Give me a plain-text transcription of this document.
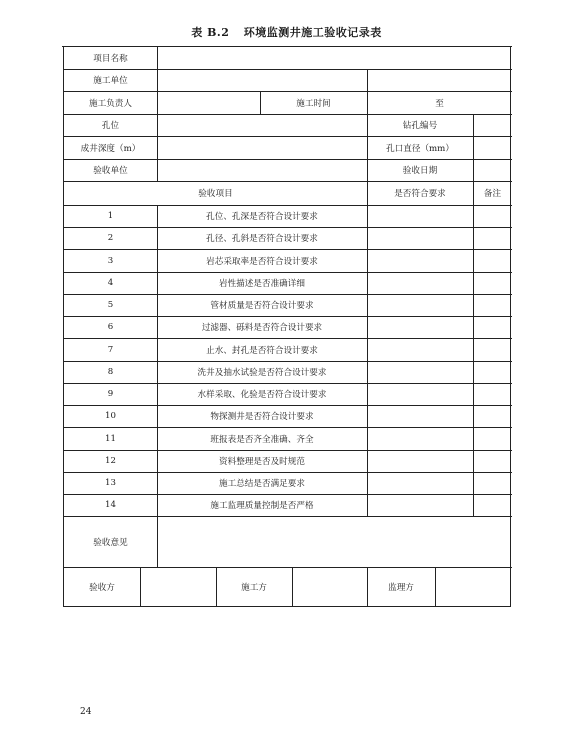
表 B.2 环境监测井施工验收记录表
项目名称
施工单位
施工负责人	施工时间	至
孔位	钻孔编号
成井深度（m）	孔口直径（mm）
验收单位	验收日期
验收项目	是否符合要求	备注
1	孔位、孔深是否符合设计要求
2	孔径、孔斜是否符合设计要求
3	岩芯采取率是否符合设计要求
4	岩性描述是否准确详细
5	管材质量是否符合设计要求
6	过滤器、砾料是否符合设计要求
7	止水、封孔是否符合设计要求
8	洗井及抽水试验是否符合设计要求
9	水样采取、化验是否符合设计要求
10	物探测井是否符合设计要求
11	班报表是否齐全准确、齐全
12	资料整理是否及时规范
13	施工总结是否满足要求
14	施工监理质量控制是否严格
验收意见
验收方	施工方	监理方
24
